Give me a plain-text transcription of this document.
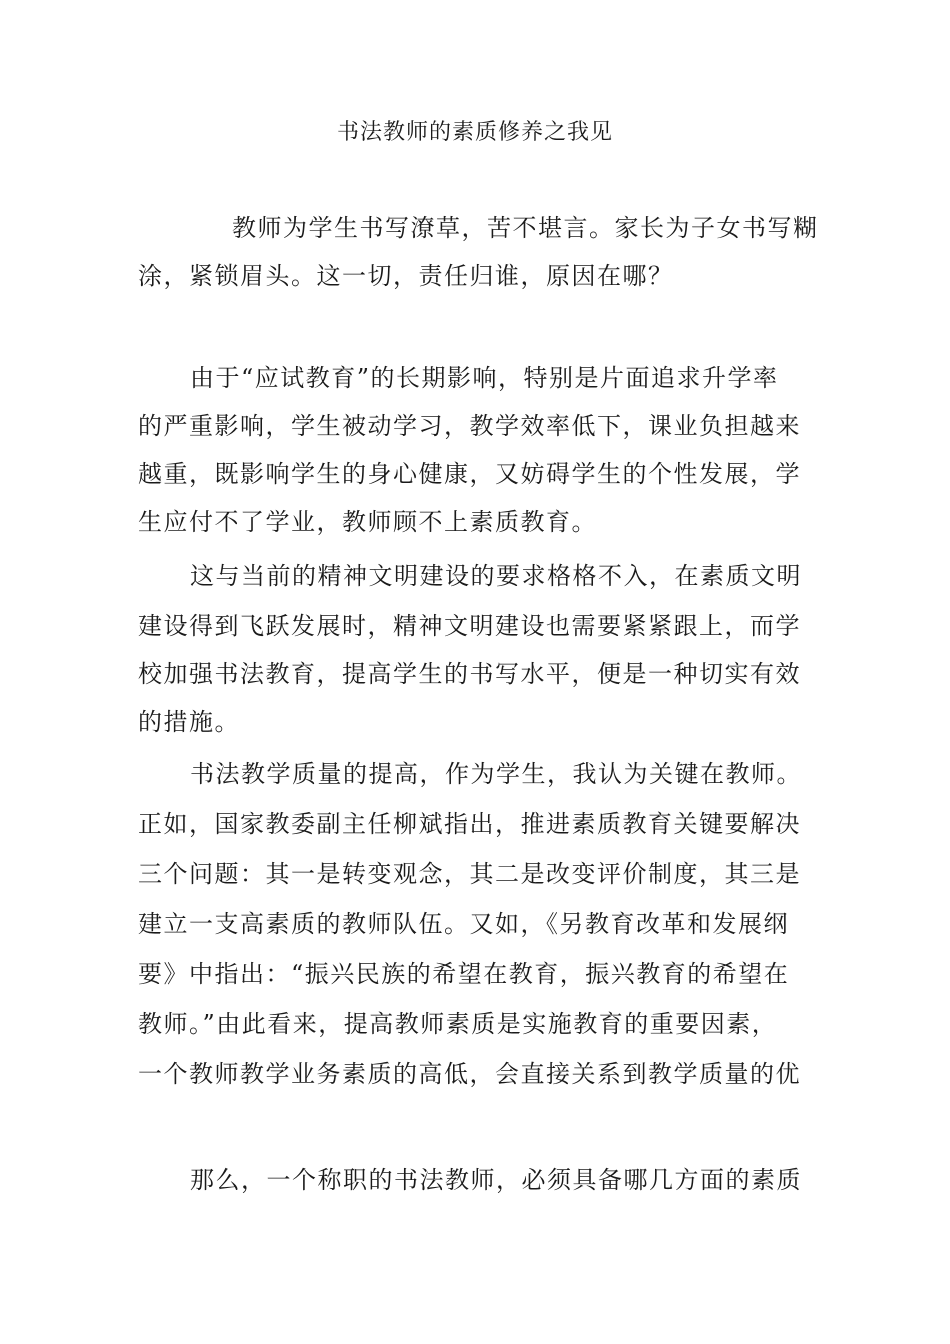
书法教师的素质修养之我见
教师为学生书写潦草，苦不堪言。家长为子女书写糊
涂，紧锁眉头。这一切，责任归谁，原因在哪？
由于“应试教育”的长期影响，特别是片面追求升学率
的严重影响，学生被动学习，教学效率低下，课业负担越来
越重，既影响学生的身心健康，又妨碍学生的个性发展，学
生应付不了学业，教师顾不上素质教育。
这与当前的精神文明建设的要求格格不入，在素质文明
建设得到飞跃发展时，精神文明建设也需要紧紧跟上，而学
校加强书法教育，提高学生的书写水平，便是一种切实有效
的措施。
书法教学质量的提高，作为学生，我认为关键在教师。
正如，国家教委副主任柳斌指出，推进素质教育关键要解决
三个问题：其一是转变观念，其二是改变评价制度，其三是
建立一支高素质的教师队伍。又如，《另教育改革和发展纲
要》中指出：“振兴民族的希望在教育，振兴教育的希望在
教师。”由此看来，提高教师素质是实施教育的重要因素，
一个教师教学业务素质的高低，会直接关系到教学质量的优
那么，一个称职的书法教师，必须具备哪几方面的素质
